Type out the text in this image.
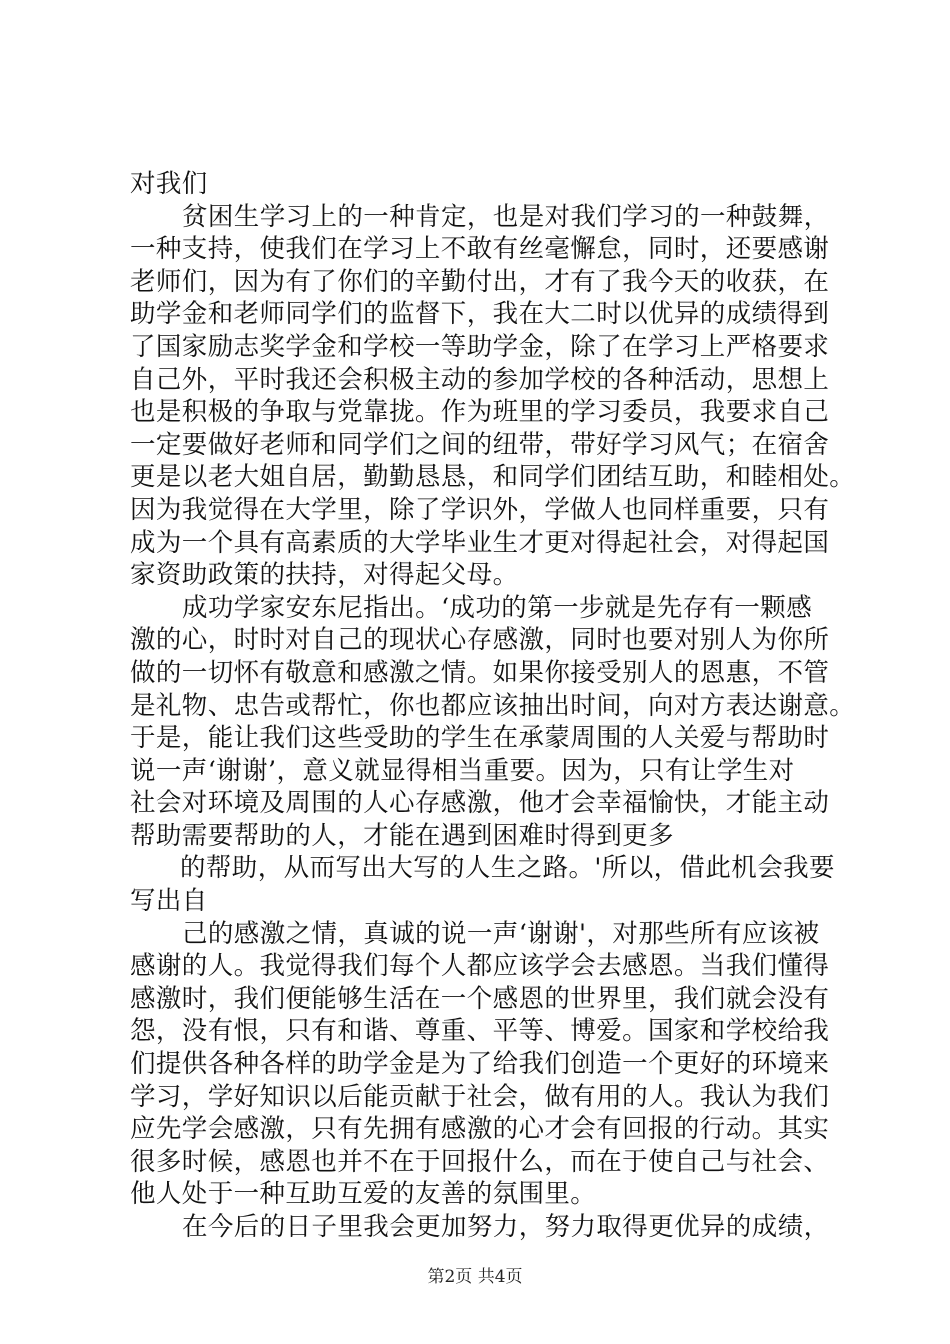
对我们
贫困生学习上的一种肯定，也是对我们学习的一种鼓舞，
一种支持，使我们在学习上不敢有丝毫懈怠，同时，还要感谢
老师们，因为有了你们的辛勤付出，才有了我今天的收获，在
助学金和老师同学们的监督下，我在大二时以优异的成绩得到
了国家励志奖学金和学校一等助学金，除了在学习上严格要求
自己外，平时我还会积极主动的参加学校的各种活动，思想上
也是积极的争取与党靠拢。作为班里的学习委员，我要求自己
一定要做好老师和同学们之间的纽带，带好学习风气；在宿舍
更是以老大姐自居，勤勤恳恳，和同学们团结互助，和睦相处。
因为我觉得在大学里，除了学识外，学做人也同样重要，只有
成为一个具有高素质的大学毕业生才更对得起社会，对得起国
家资助政策的扶持，对得起父母。
成功学家安东尼指出。‘成功的第一步就是先存有一颗感
激的心，时时对自己的现状心存感激，同时也要对别人为你所
做的一切怀有敬意和感激之情。如果你接受别人的恩惠，不管
是礼物、忠告或帮忙，你也都应该抽出时间，向对方表达谢意。
于是，能让我们这些受助的学生在承蒙周围的人关爱与帮助时
说一声‘谢谢’，意义就显得相当重要。因为，只有让学生对
社会对环境及周围的人心存感激，他才会幸福愉快，才能主动
帮助需要帮助的人，才能在遇到困难时得到更多
的帮助，从而写出大写的人生之路。'所以，借此机会我要
写出自
己的感激之情，真诚的说一声‘谢谢'，对那些所有应该被
感谢的人。我觉得我们每个人都应该学会去感恩。当我们懂得
感激时，我们便能够生活在一个感恩的世界里，我们就会没有
怨，没有恨，只有和谐、尊重、平等、博爱。国家和学校给我
们提供各种各样的助学金是为了给我们创造一个更好的环境来
学习，学好知识以后能贡献于社会，做有用的人。我认为我们
应先学会感激，只有先拥有感激的心才会有回报的行动。其实
很多时候，感恩也并不在于回报什么，而在于使自己与社会、
他人处于一种互助互爱的友善的氛围里。
在今后的日子里我会更加努力，努力取得更优异的成绩，
第2页 共4页
